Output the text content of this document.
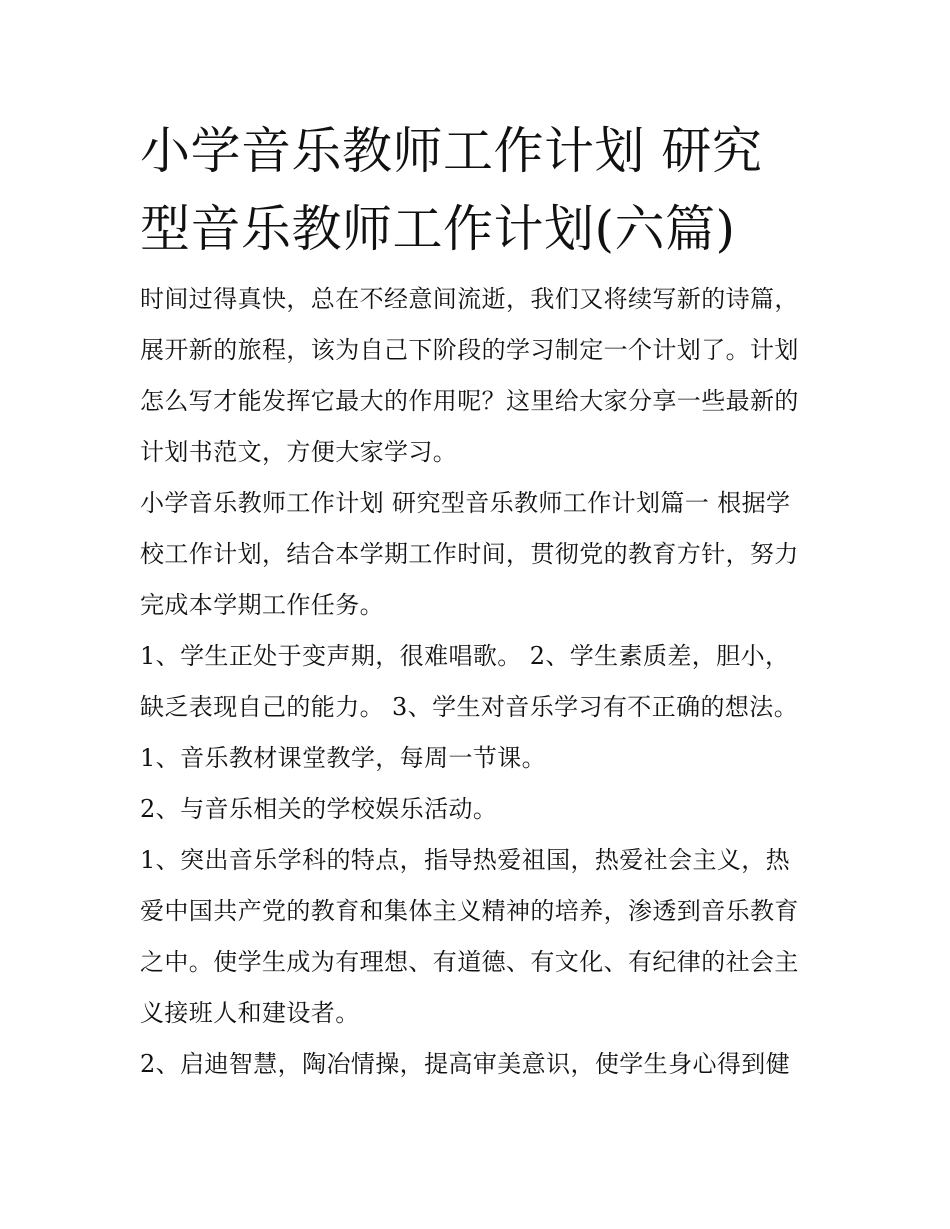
小学音乐教师工作计划 研究型音乐教师工作计划(六篇)

时间过得真快，总在不经意间流逝，我们又将续写新的诗篇，展开新的旅程，该为自己下阶段的学习制定一个计划了。计划怎么写才能发挥它最大的作用呢？这里给大家分享一些最新的计划书范文，方便大家学习。

小学音乐教师工作计划 研究型音乐教师工作计划篇一 根据学校工作计划，结合本学期工作时间，贯彻党的教育方针，努力完成本学期工作任务。

1、学生正处于变声期，很难唱歌。 2、学生素质差，胆小，缺乏表现自己的能力。 3、学生对音乐学习有不正确的想法。

1、音乐教材课堂教学，每周一节课。

2、与音乐相关的学校娱乐活动。

1、突出音乐学科的特点，指导热爱祖国，热爱社会主义，热爱中国共产党的教育和集体主义精神的培养，渗透到音乐教育之中。使学生成为有理想、有道德、有文化、有纪律的社会主义接班人和建设者。

2、启迪智慧，陶冶情操，提高审美意识，使学生身心得到健
